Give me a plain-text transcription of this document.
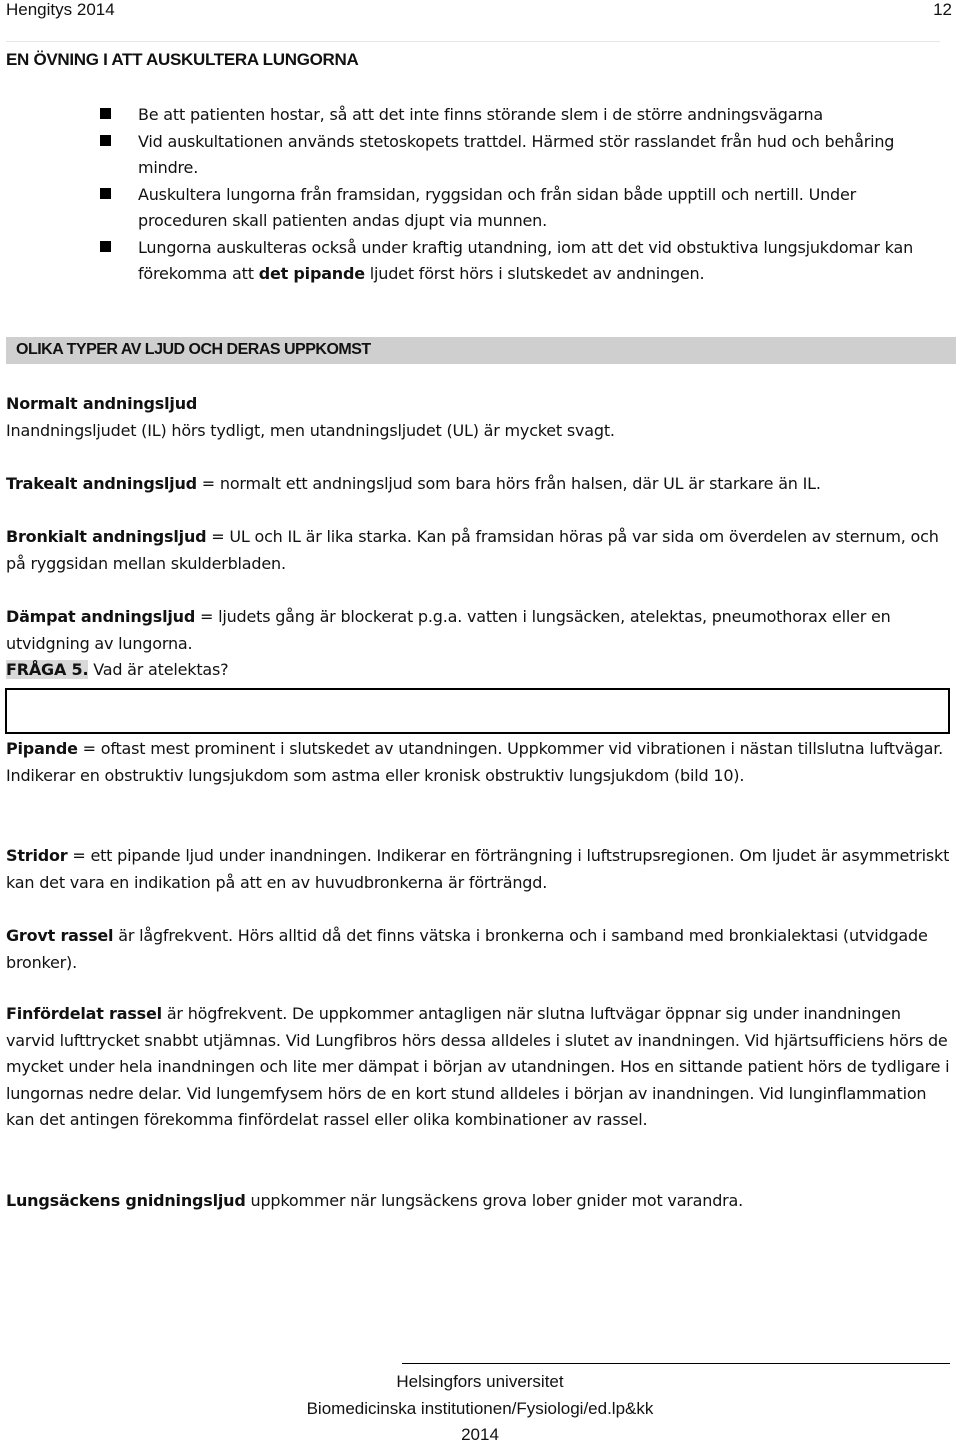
Hengitys 2014	12
EN ÖVNING I ATT AUSKULTERA LUNGORNA
Be att patienten hostar, så att det inte finns störande slem i de större andningsvägarna
Vid auskultationen används stetoskopets trattdel. Härmed stör rasslandet från hud och behåring mindre.
Auskultera lungorna från framsidan, ryggsidan och från sidan både upptill och nertill. Under proceduren skall patienten andas djupt via munnen.
Lungorna auskulteras också under kraftig utandning, iom att det vid obstuktiva lungsjukdomar kan förekomma att det pipande ljudet först hörs i slutskedet av andningen.
OLIKA TYPER AV LJUD OCH DERAS UPPKOMST

Normalt andningsljud
Inandningsljudet (IL) hörs tydligt, men utandningsljudet (UL) är mycket svagt.

Trakealt andningsljud = normalt ett andningsljud som bara hörs från halsen, där UL är starkare än IL.

Bronkialt andningsljud = UL och IL är lika starka. Kan på framsidan höras på var sida om överdelen av sternum, och på ryggsidan mellan skulderbladen.

Dämpat andningsljud = ljudets gång är blockerat p.g.a. vatten i lungsäcken, atelektas, pneumothorax eller en utvidgning av lungorna.
FRÅGA 5. Vad är atelektas?

Pipande = oftast mest prominent i slutskedet av utandningen. Uppkommer vid vibrationen i nästan tillslutna luftvägar. Indikerar en obstruktiv lungsjukdom som astma eller kronisk obstruktiv lungsjukdom (bild 10).

Stridor = ett pipande ljud under inandningen. Indikerar en förträngning i luftstrupsregionen. Om ljudet är asymmetriskt kan det vara en indikation på att en av huvudbronkerna är förträngd.

Grovt rassel är lågfrekvent. Hörs alltid då det finns vätska i bronkerna och i samband med bronkialektasi (utvidgade bronker).

Finfördelat rassel är högfrekvent. De uppkommer antagligen när slutna luftvägar öppnar sig under inandningen varvid lufttrycket snabbt utjämnas. Vid Lungfibros hörs dessa alldeles i slutet av inandningen. Vid hjärtsufficiens hörs de mycket under hela inandningen och lite mer dämpat i början av utandningen. Hos en sittande patient hörs de tydligare i lungornas nedre delar. Vid lungemfysem hörs de en kort stund alldeles i början av inandningen. Vid lunginflammation kan det antingen förekomma finfördelat rassel eller olika kombinationer av rassel.

Lungsäckens gnidningsljud uppkommer när lungsäckens grova lober gnider mot varandra.

Helsingfors universitet
Biomedicinska institutionen/Fysiologi/ed.lp&kk
2014
